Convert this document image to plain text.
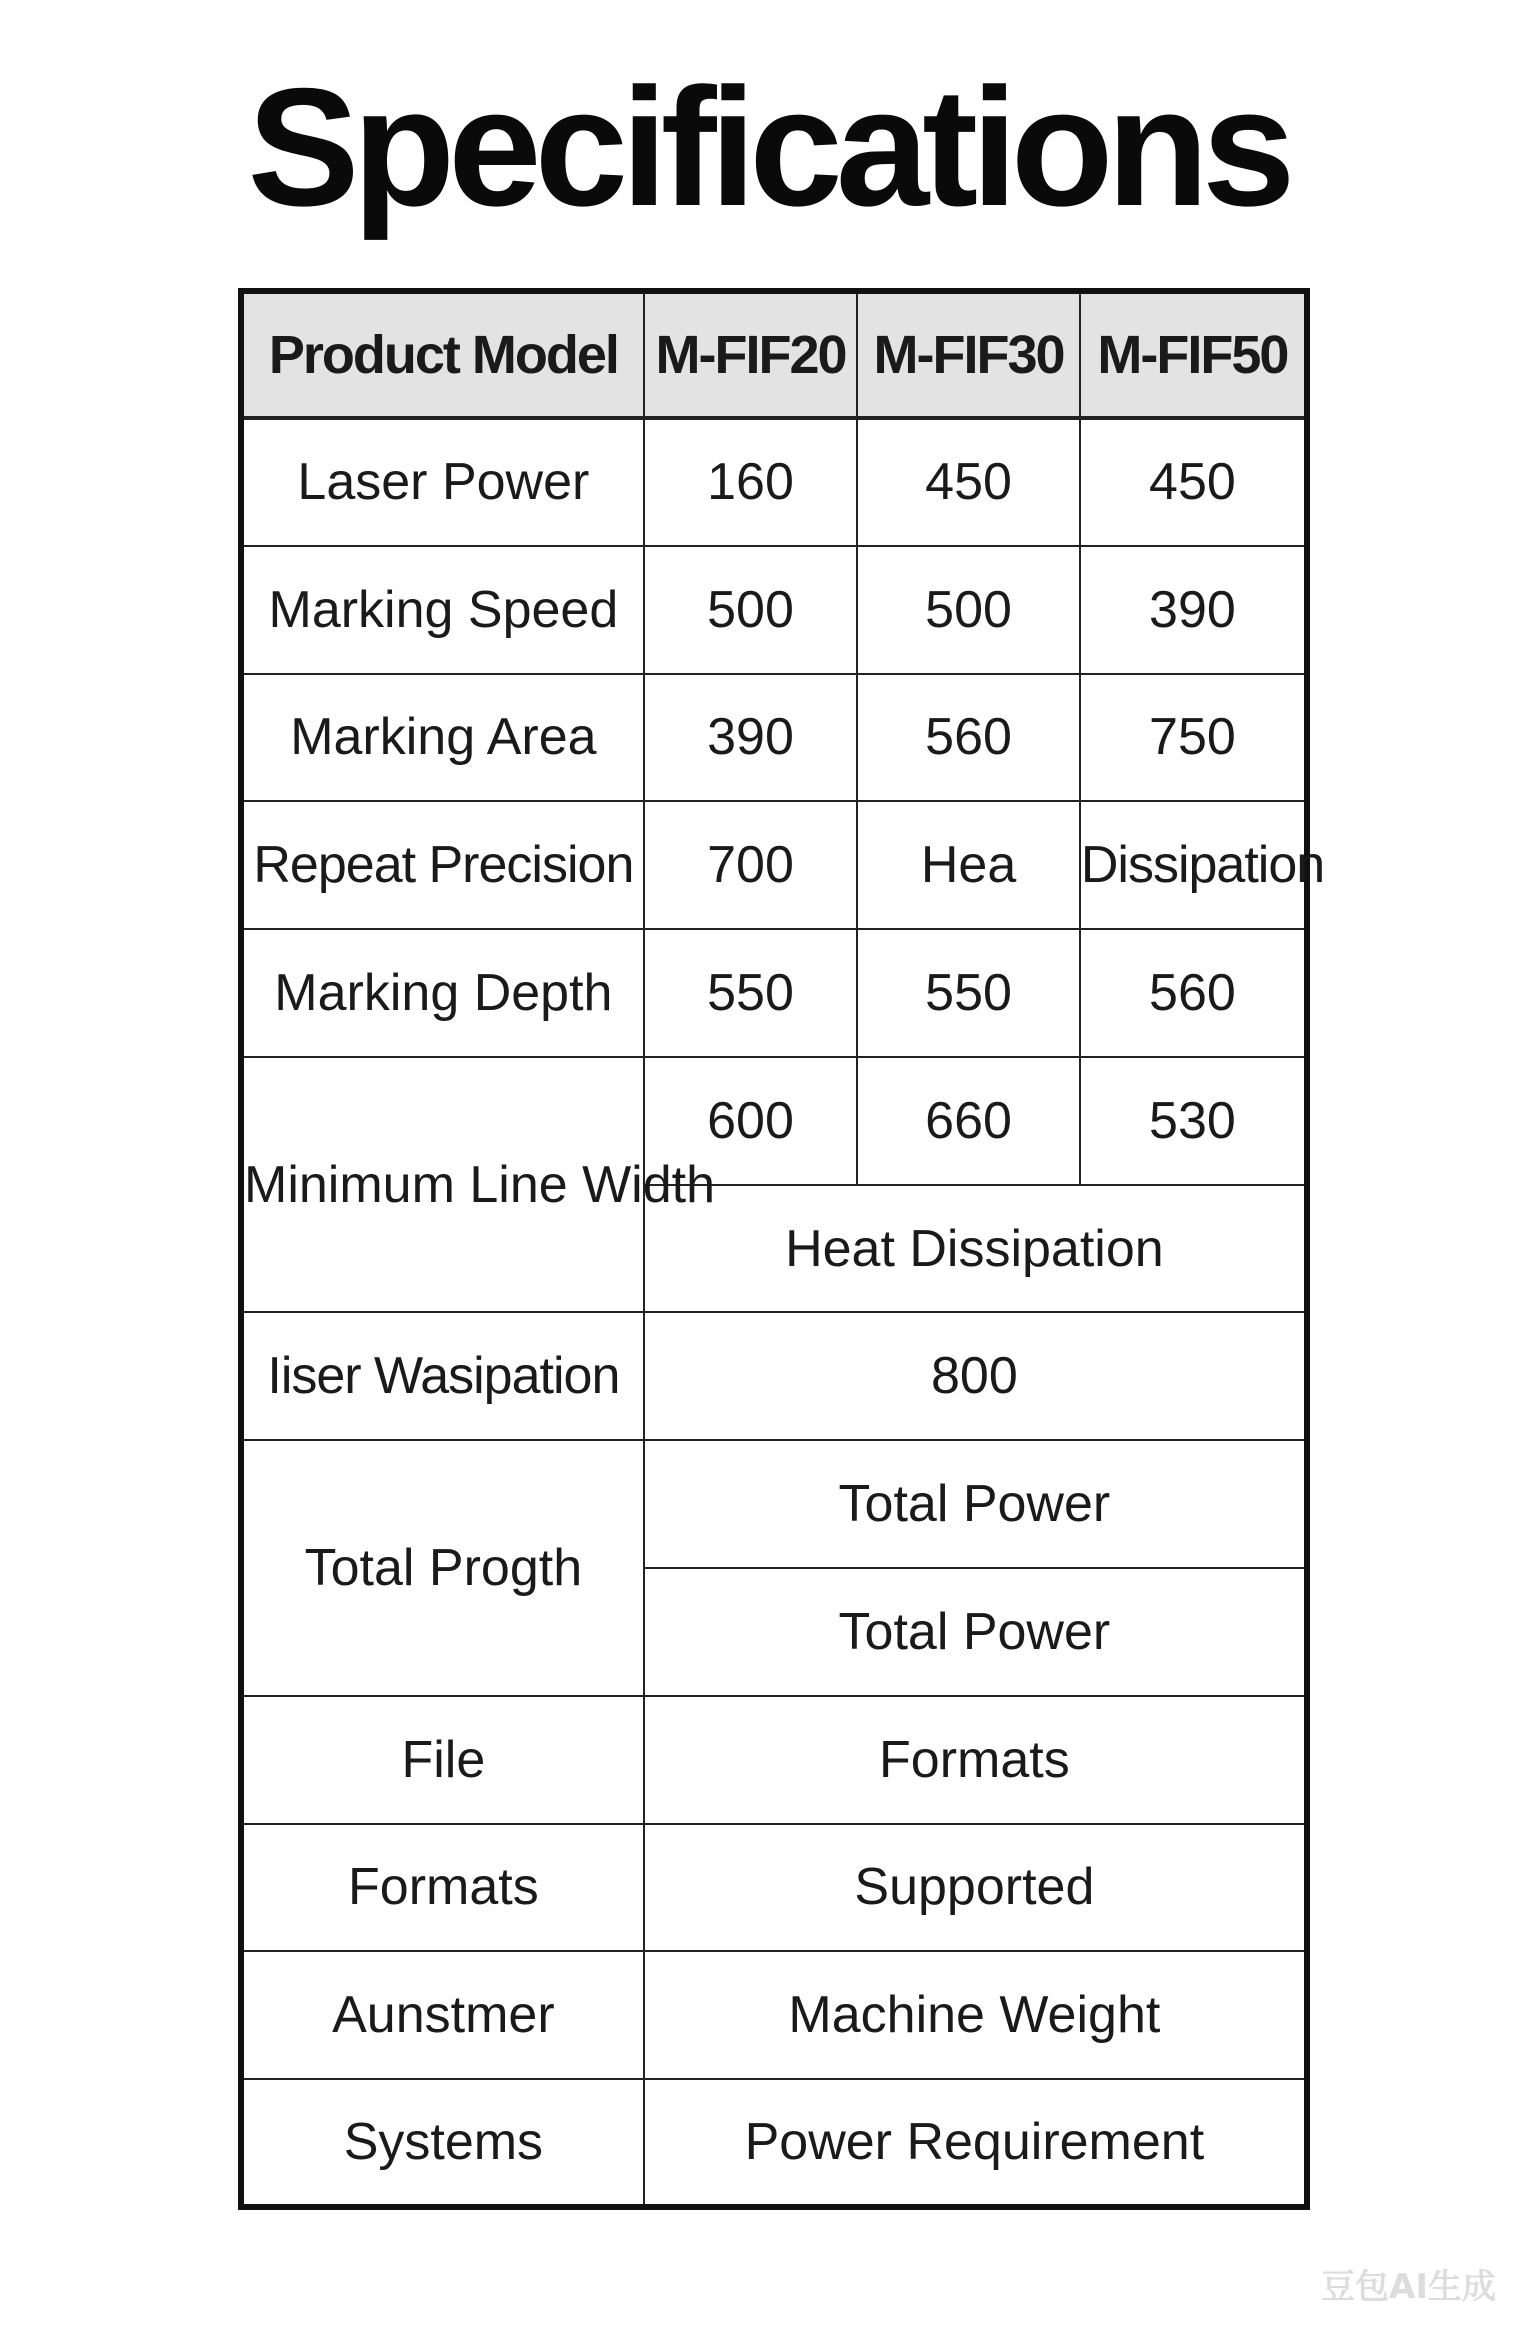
Specifications
Product Model	M-FIF20	M-FIF30	M-FIF50
Laser Power	160	450	450
Marking Speed	500	500	390
Marking Area	390	560	750
Repeat Precision	700	Hea	Dissipation
Marking Depth	550	550	560
Minimum Line Width	600	660	530
	Heat Dissipation		
Iiser Wasipation	800		
Total Progth	Total Power		
	Total Power		
File	Formats		
Formats	Supported		
Aunstmer	Machine Weight		
Systems	Power Requirement		
豆包AI生成
